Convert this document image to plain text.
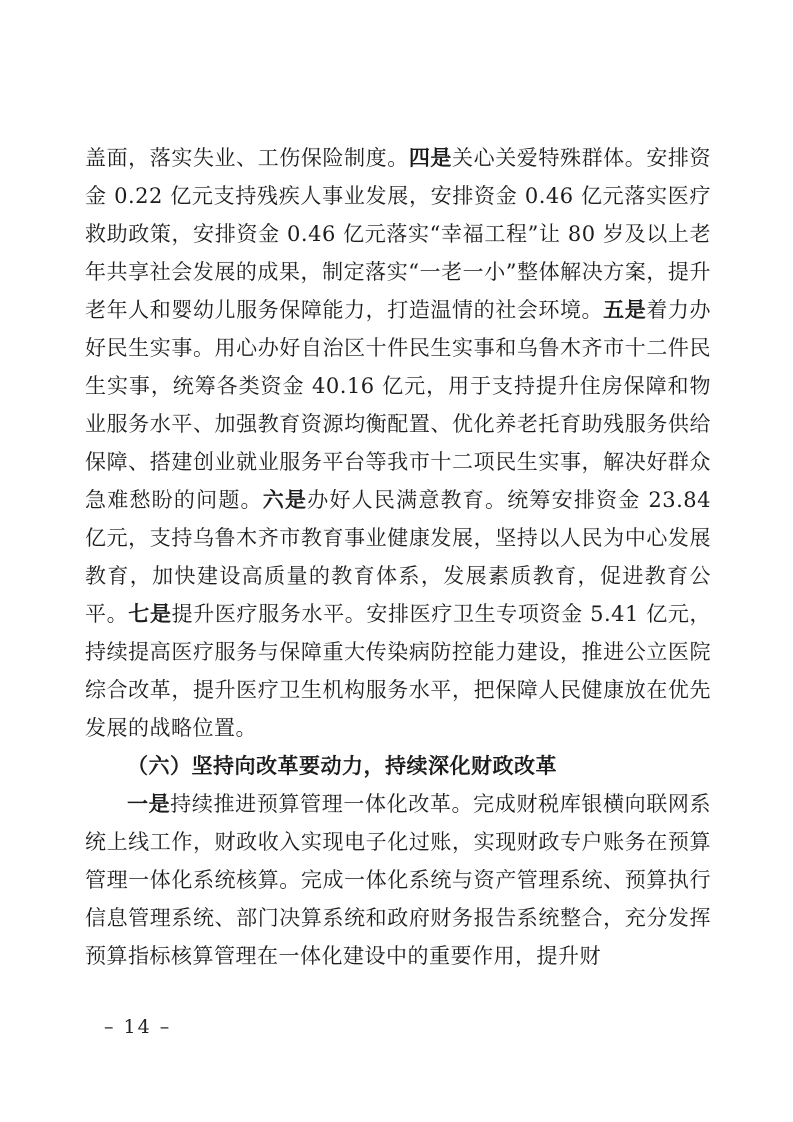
盖面，落实失业、工伤保险制度。四是关心关爱特殊群体。安排资金 0.22 亿元支持残疾人事业发展，安排资金 0.46 亿元落实医疗救助政策，安排资金 0.46 亿元落实“幸福工程”让 80 岁及以上老年共享社会发展的成果，制定落实“一老一小”整体解决方案，提升老年人和婴幼儿服务保障能力，打造温情的社会环境。五是着力办好民生实事。用心办好自治区十件民生实事和乌鲁木齐市十二件民生实事，统筹各类资金 40.16 亿元，用于支持提升住房保障和物业服务水平、加强教育资源均衡配置、优化养老托育助残服务供给保障、搭建创业就业服务平台等我市十二项民生实事，解决好群众急难愁盼的问题。六是办好人民满意教育。统筹安排资金 23.84 亿元，支持乌鲁木齐市教育事业健康发展，坚持以人民为中心发展教育，加快建设高质量的教育体系，发展素质教育，促进教育公平。七是提升医疗服务水平。安排医疗卫生专项资金 5.41 亿元，持续提高医疗服务与保障重大传染病防控能力建设，推进公立医院综合改革，提升医疗卫生机构服务水平，把保障人民健康放在优先发展的战略位置。

（六）坚持向改革要动力，持续深化财政改革

一是持续推进预算管理一体化改革。完成财税库银横向联网系统上线工作，财政收入实现电子化过账，实现财政专户账务在预算管理一体化系统核算。完成一体化系统与资产管理系统、预算执行信息管理系统、部门决算系统和政府财务报告系统整合，充分发挥预算指标核算管理在一体化建设中的重要作用，提升财

– 14 –
